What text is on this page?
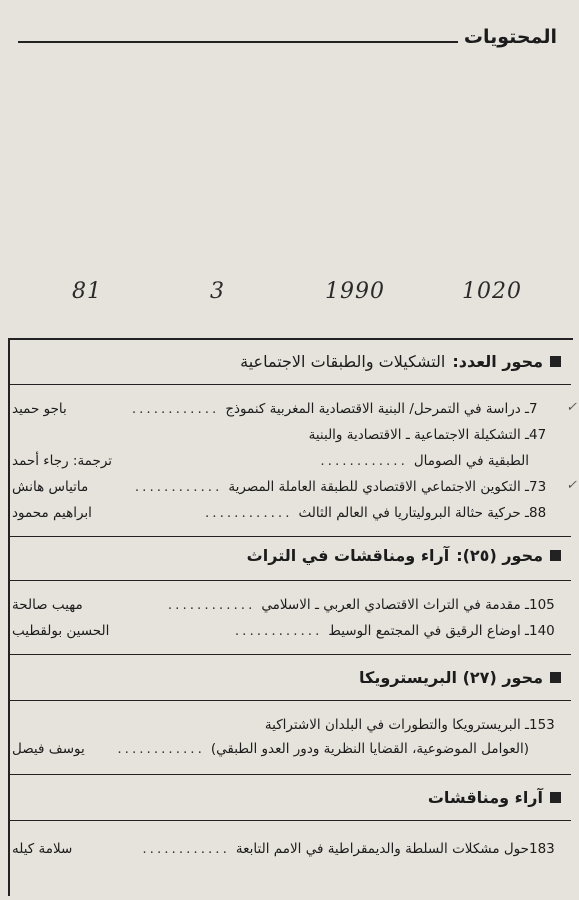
المحتويات
81	3	1990	1020
محور العدد:
التشكيلات والطبقات الاجتماعية
7
ـ دراسة في التمرحل/ البنية الاقتصادية المغربية كنموذج
............
باجو حميد
47
ـ التشكيلة الاجتماعية ـ الاقتصادية والبنية
الطبقية في الصومال
............
ترجمة: رجاء أحمد
73
ـ التكوين الاجتماعي الاقتصادي للطبقة العاملة المصرية
............
ماتياس هانش
88
ـ حركية حثالة البروليتاريا في العالم الثالث
............
ابراهيم محمود
محور (٢٥):
آراء ومناقشات في التراث
105
ـ مقدمة في التراث الاقتصادي العربي ـ الاسلامي
............
مهيب صالحة
140
ـ اوضاع الرقيق في المجتمع الوسيط
............
الحسين بولقطيب
محور (٢٧) البريسترويكا
153
ـ البريسترويكا والتطورات في البلدان الاشتراكية
(العوامل الموضوعية، القضايا النظرية ودور العدو الطبقي)
............
يوسف فيصل
آراء ومناقشات
183
حول مشكلات السلطة والديمقراطية في الامم التابعة
............
سلامة كيله
✓
✓
